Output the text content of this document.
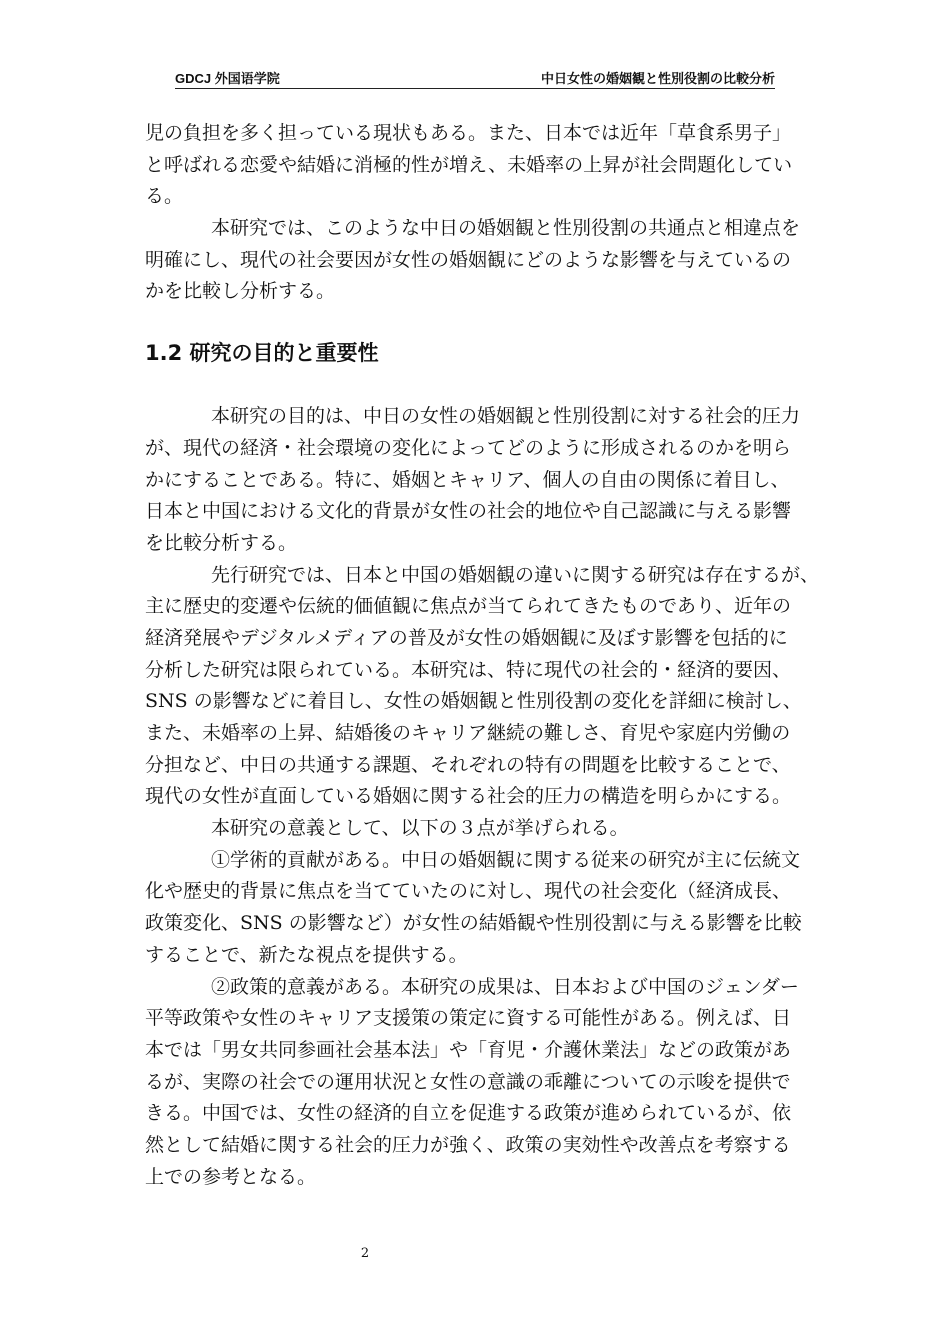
GDCJ 外国语学院	中日女性の婚姻観と性別役割の比較分析
児の負担を多く担っている現状もある。また、日本では近年「草食系男子」
と呼ばれる恋愛や結婚に消極的性が増え、未婚率の上昇が社会問題化してい
る。
本研究では、このような中日の婚姻観と性別役割の共通点と相違点を
明確にし、現代の社会要因が女性の婚姻観にどのような影響を与えているの
かを比較し分析する。
1.2 研究の目的と重要性
本研究の目的は、中日の女性の婚姻観と性別役割に対する社会的圧力
が、現代の経済・社会環境の変化によってどのように形成されるのかを明ら
かにすることである。特に、婚姻とキャリア、個人の自由の関係に着目し、
日本と中国における文化的背景が女性の社会的地位や自己認識に与える影響
を比較分析する。
先行研究では、日本と中国の婚姻観の違いに関する研究は存在するが、
主に歴史的変遷や伝統的価値観に焦点が当てられてきたものであり、近年の
経済発展やデジタルメディアの普及が女性の婚姻観に及ぼす影響を包括的に
分析した研究は限られている。本研究は、特に現代の社会的・経済的要因、
SNS の影響などに着目し、女性の婚姻観と性別役割の変化を詳細に検討し、
また、未婚率の上昇、結婚後のキャリア継続の難しさ、育児や家庭内労働の
分担など、中日の共通する課題、それぞれの特有の問題を比較することで、
現代の女性が直面している婚姻に関する社会的圧力の構造を明らかにする。
本研究の意義として、以下の３点が挙げられる。
①学術的貢献がある。中日の婚姻観に関する従来の研究が主に伝統文
化や歴史的背景に焦点を当てていたのに対し、現代の社会変化（経済成長、
政策変化、SNS の影響など）が女性の結婚観や性別役割に与える影響を比較
することで、新たな視点を提供する。
②政策的意義がある。本研究の成果は、日本および中国のジェンダー
平等政策や女性のキャリア支援策の策定に資する可能性がある。例えば、日
本では「男女共同参画社会基本法」や「育児・介護休業法」などの政策があ
るが、実際の社会での運用状況と女性の意識の乖離についての示唆を提供で
きる。中国では、女性の経済的自立を促進する政策が進められているが、依
然として結婚に関する社会的圧力が強く、政策の実効性や改善点を考察する
上での参考となる。
2
